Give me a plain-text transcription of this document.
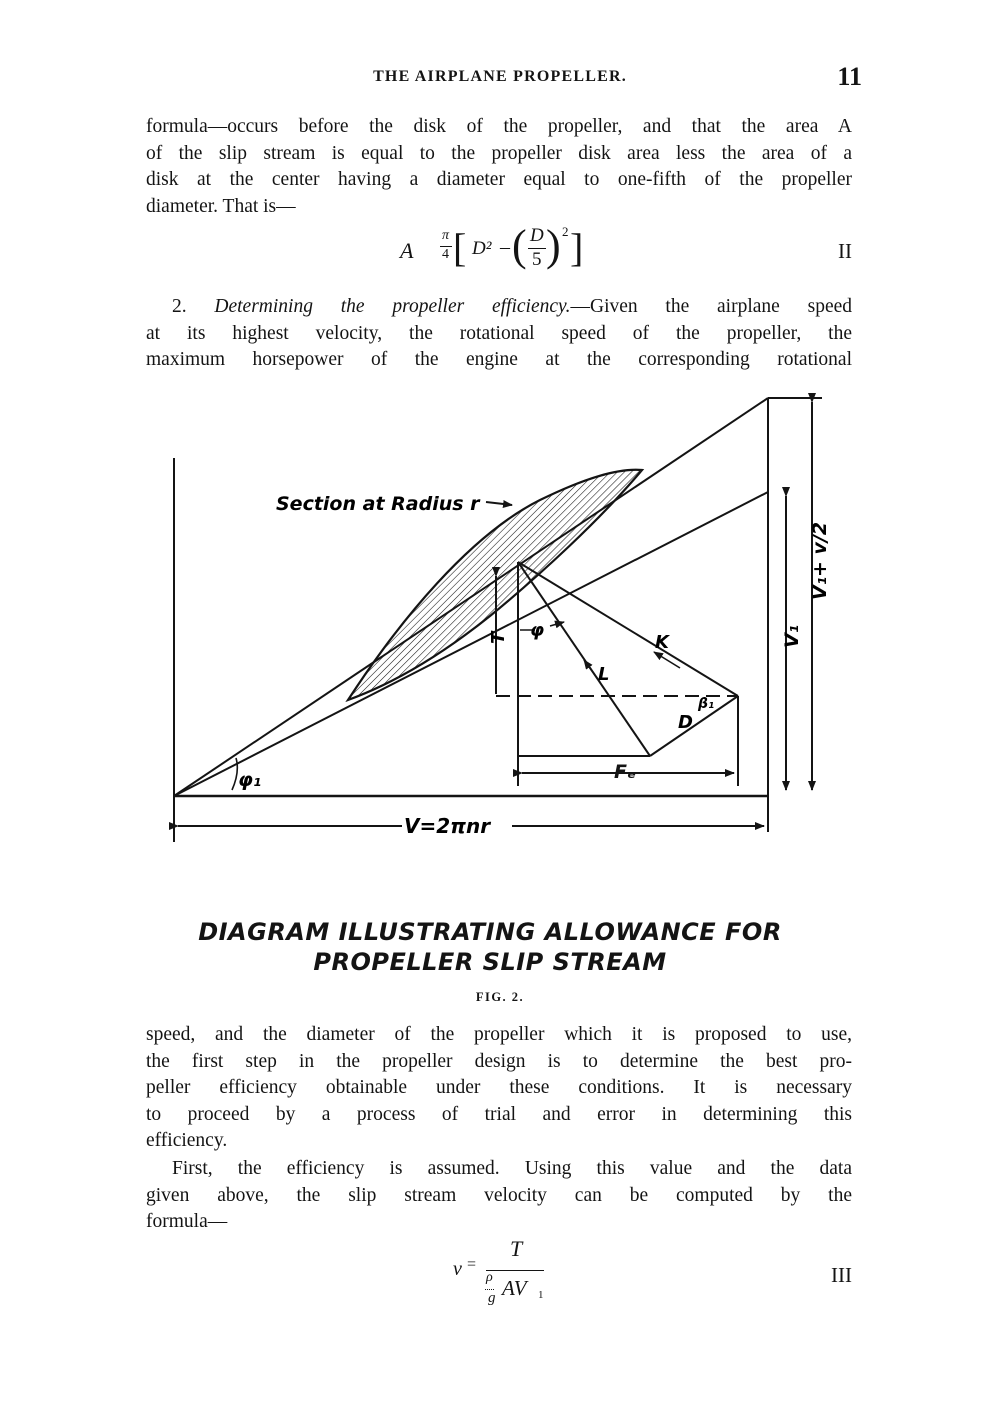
THE AIRPLANE PROPELLER.	11
formula—occurs before the disk of the propeller, and that the area A
of the slip stream is equal to the propeller disk area less the area of a
disk at the center having a diameter equal to one-fifth of the propeller
diameter. That is—
A
π
4 [ D² – ( D
5 ) 2 ]	II
2. Determining the propeller efficiency.—Given the airplane speed
at its highest velocity, the rotational speed of the propeller, the
maximum horsepower of the engine at the corresponding rotational
Section at Radius r
V₁+ v/2
V₁
φ
T	K
L
D
β₁
φ₁	Fₑ
V=2πnr
DIAGRAM ILLUSTRATING ALLOWANCE FOR
PROPELLER SLIP STREAM
FIG. 2.
speed, and the diameter of the propeller which it is proposed to use,
the first step in the propeller design is to determine the best pro-
peller efficiency obtainable under these conditions. It is necessary
to proceed by a process of trial and error in determining this
efficiency.
First, the efficiency is assumed. Using this value and the data
given above, the slip stream velocity can be computed by the
formula—
v =
T
ρ
g AV 1
III
